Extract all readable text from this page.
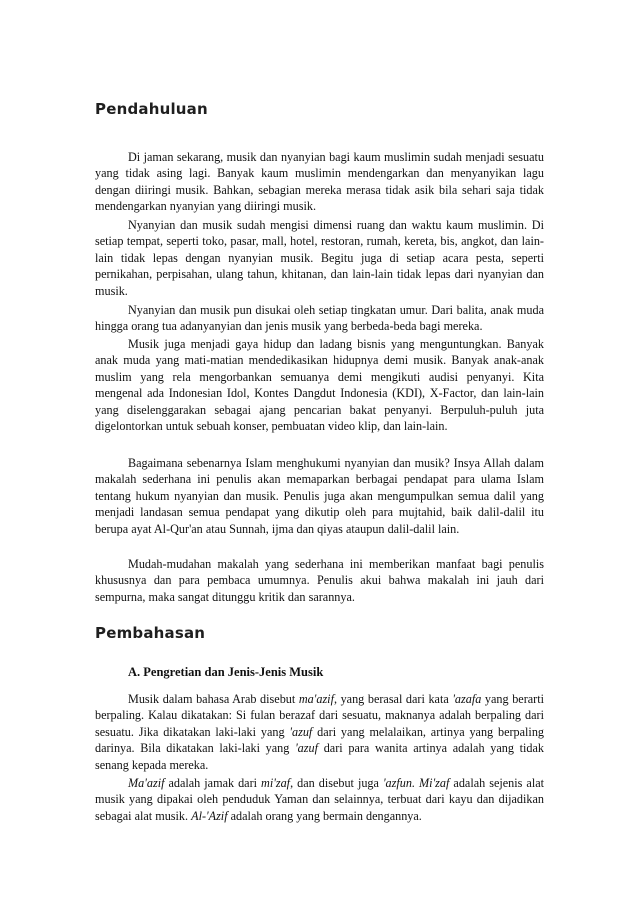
Pendahuluan

Di jaman sekarang, musik dan nyanyian bagi kaum muslimin sudah menjadi sesuatu yang tidak asing lagi. Banyak kaum muslimin mendengarkan dan menyanyikan lagu dengan diiringi musik. Bahkan, sebagian mereka merasa tidak asik bila sehari saja tidak mendengarkan nyanyian yang diiringi musik.

Nyanyian dan musik sudah mengisi dimensi ruang dan waktu kaum muslimin. Di setiap tempat, seperti toko, pasar, mall, hotel, restoran, rumah, kereta, bis, angkot, dan lain-lain tidak lepas dengan nyanyian musik. Begitu juga di setiap acara pesta, seperti pernikahan, perpisahan, ulang tahun, khitanan, dan lain-lain tidak lepas dari nyanyian dan musik.

Nyanyian dan musik pun disukai oleh setiap tingkatan umur. Dari balita, anak muda hingga orang tua adanyanyian dan jenis musik yang berbeda-beda bagi mereka.

Musik juga menjadi gaya hidup dan ladang bisnis yang menguntungkan. Banyak anak muda yang mati-matian mendedikasikan hidupnya demi musik. Banyak anak-anak muslim yang rela mengorbankan semuanya demi mengikuti audisi penyanyi. Kita mengenal ada Indonesian Idol, Kontes Dangdut Indonesia (KDI), X-Factor, dan lain-lain yang diselenggarakan sebagai ajang pencarian bakat penyanyi. Berpuluh-puluh juta digelontorkan untuk sebuah konser, pembuatan video klip, dan lain-lain.

Bagaimana sebenarnya Islam menghukumi nyanyian dan musik? Insya Allah dalam makalah sederhana ini penulis akan memaparkan berbagai pendapat para ulama Islam tentang hukum nyanyian dan musik. Penulis juga akan mengumpulkan semua dalil yang menjadi landasan semua pendapat yang dikutip oleh para mujtahid, baik dalil-dalil itu berupa ayat Al-Qur'an atau Sunnah, ijma dan qiyas ataupun dalil-dalil lain.

Mudah-mudahan makalah yang sederhana ini memberikan manfaat bagi penulis khususnya dan para pembaca umumnya. Penulis akui bahwa makalah ini jauh dari sempurna, maka sangat ditunggu kritik dan sarannya.

Pembahasan
A. Pengretian dan Jenis-Jenis Musik

Musik dalam bahasa Arab disebut ma'azif, yang berasal dari kata 'azafa yang berarti berpaling. Kalau dikatakan: Si fulan berazaf dari sesuatu, maknanya adalah berpaling dari sesuatu. Jika dikatakan laki-laki yang 'azuf dari yang melalaikan, artinya yang berpaling darinya. Bila dikatakan laki-laki yang 'azuf dari para wanita artinya adalah yang tidak senang kepada mereka.

Ma'azif adalah jamak dari mi'zaf, dan disebut juga 'azfun. Mi'zaf adalah sejenis alat musik yang dipakai oleh penduduk Yaman dan selainnya, terbuat dari kayu dan dijadikan sebagai alat musik. Al-'Azif adalah orang yang bermain dengannya.
